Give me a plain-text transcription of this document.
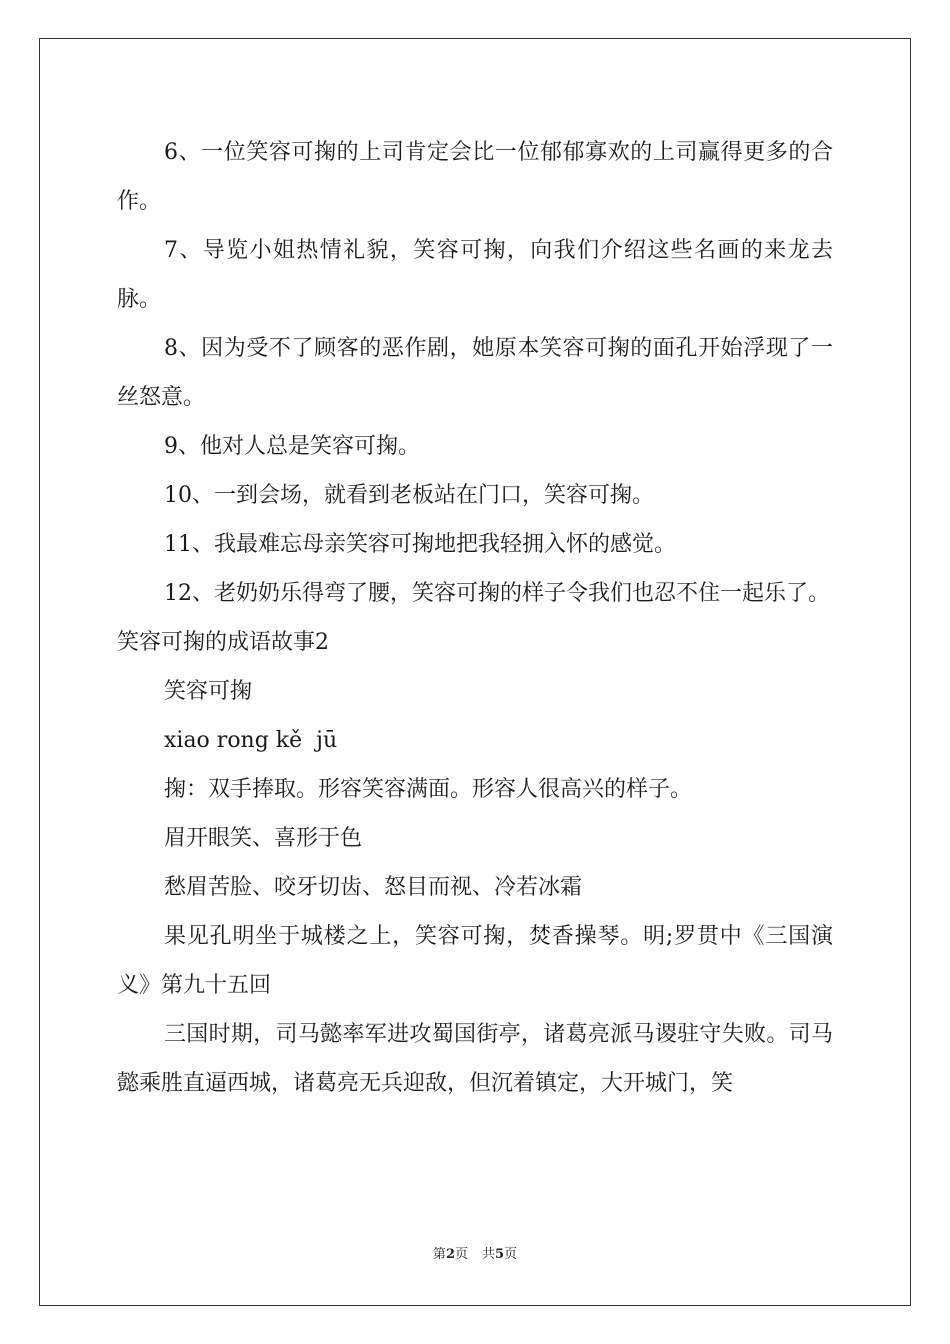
6、一位笑容可掬的上司肯定会比一位郁郁寡欢的上司赢得更多的合作。

7、导览小姐热情礼貌，笑容可掬，向我们介绍这些名画的来龙去脉。

8、因为受不了顾客的恶作剧，她原本笑容可掬的面孔开始浮现了一丝怒意。

9、他对人总是笑容可掬。

10、一到会场，就看到老板站在门口，笑容可掬。

11、我最难忘母亲笑容可掬地把我轻拥入怀的感觉。

12、老奶奶乐得弯了腰，笑容可掬的样子令我们也忍不住一起乐了。

笑容可掬的成语故事2

笑容可掬

xiao rong kě  jū

掬：双手捧取。形容笑容满面。形容人很高兴的样子。

眉开眼笑、喜形于色

愁眉苦脸、咬牙切齿、怒目而视、冷若冰霜

果见孔明坐于城楼之上，笑容可掬，焚香操琴。明;罗贯中《三国演义》第九十五回

三国时期，司马懿率军进攻蜀国街亭，诸葛亮派马谡驻守失败。司马懿乘胜直逼西城，诸葛亮无兵迎敌，但沉着镇定，大开城门，笑

第2页 共5页
